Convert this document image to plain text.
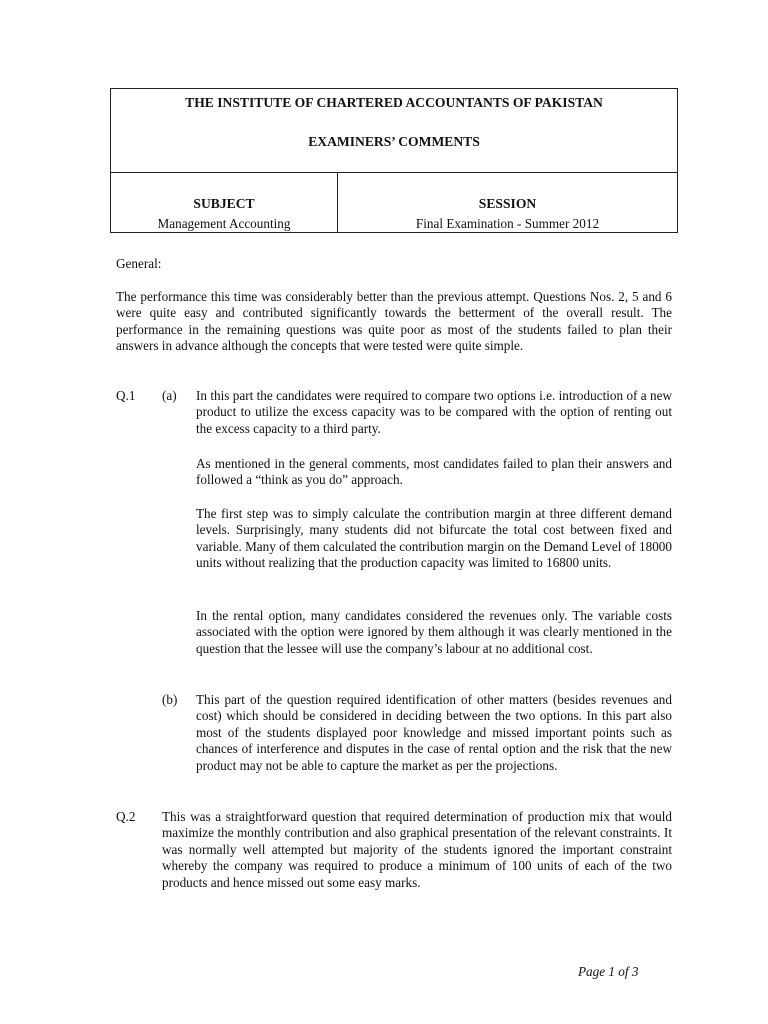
THE INSTITUTE OF CHARTERED ACCOUNTANTS OF PAKISTAN
EXAMINERS’ COMMENTS
SUBJECT
Management Accounting
SESSION
Final Examination - Summer 2012
General:
The performance this time was considerably better than the previous attempt. Questions Nos. 2, 5 and 6 were quite easy and contributed significantly towards the betterment of the overall result. The performance in the remaining questions was quite poor as most of the students failed to plan their answers in advance although the concepts that were tested were quite simple.
Q.1 (a) In this part the candidates were required to compare two options i.e. introduction of a new product to utilize the excess capacity was to be compared with the option of renting out the excess capacity to a third party.
As mentioned in the general comments, most candidates failed to plan their answers and followed a “think as you do” approach.
The first step was to simply calculate the contribution margin at three different demand levels. Surprisingly, many students did not bifurcate the total cost between fixed and variable. Many of them calculated the contribution margin on the Demand Level of 18000 units without realizing that the production capacity was limited to 16800 units.
In the rental option, many candidates considered the revenues only. The variable costs associated with the option were ignored by them although it was clearly mentioned in the question that the lessee will use the company’s labour at no additional cost.
(b) This part of the question required identification of other matters (besides revenues and cost) which should be considered in deciding between the two options. In this part also most of the students displayed poor knowledge and missed important points such as chances of interference and disputes in the case of rental option and the risk that the new product may not be able to capture the market as per the projections.
Q.2 This was a straightforward question that required determination of production mix that would maximize the monthly contribution and also graphical presentation of the relevant constraints. It was normally well attempted but majority of the students ignored the important constraint whereby the company was required to produce a minimum of 100 units of each of the two products and hence missed out some easy marks.
Page 1 of 3
